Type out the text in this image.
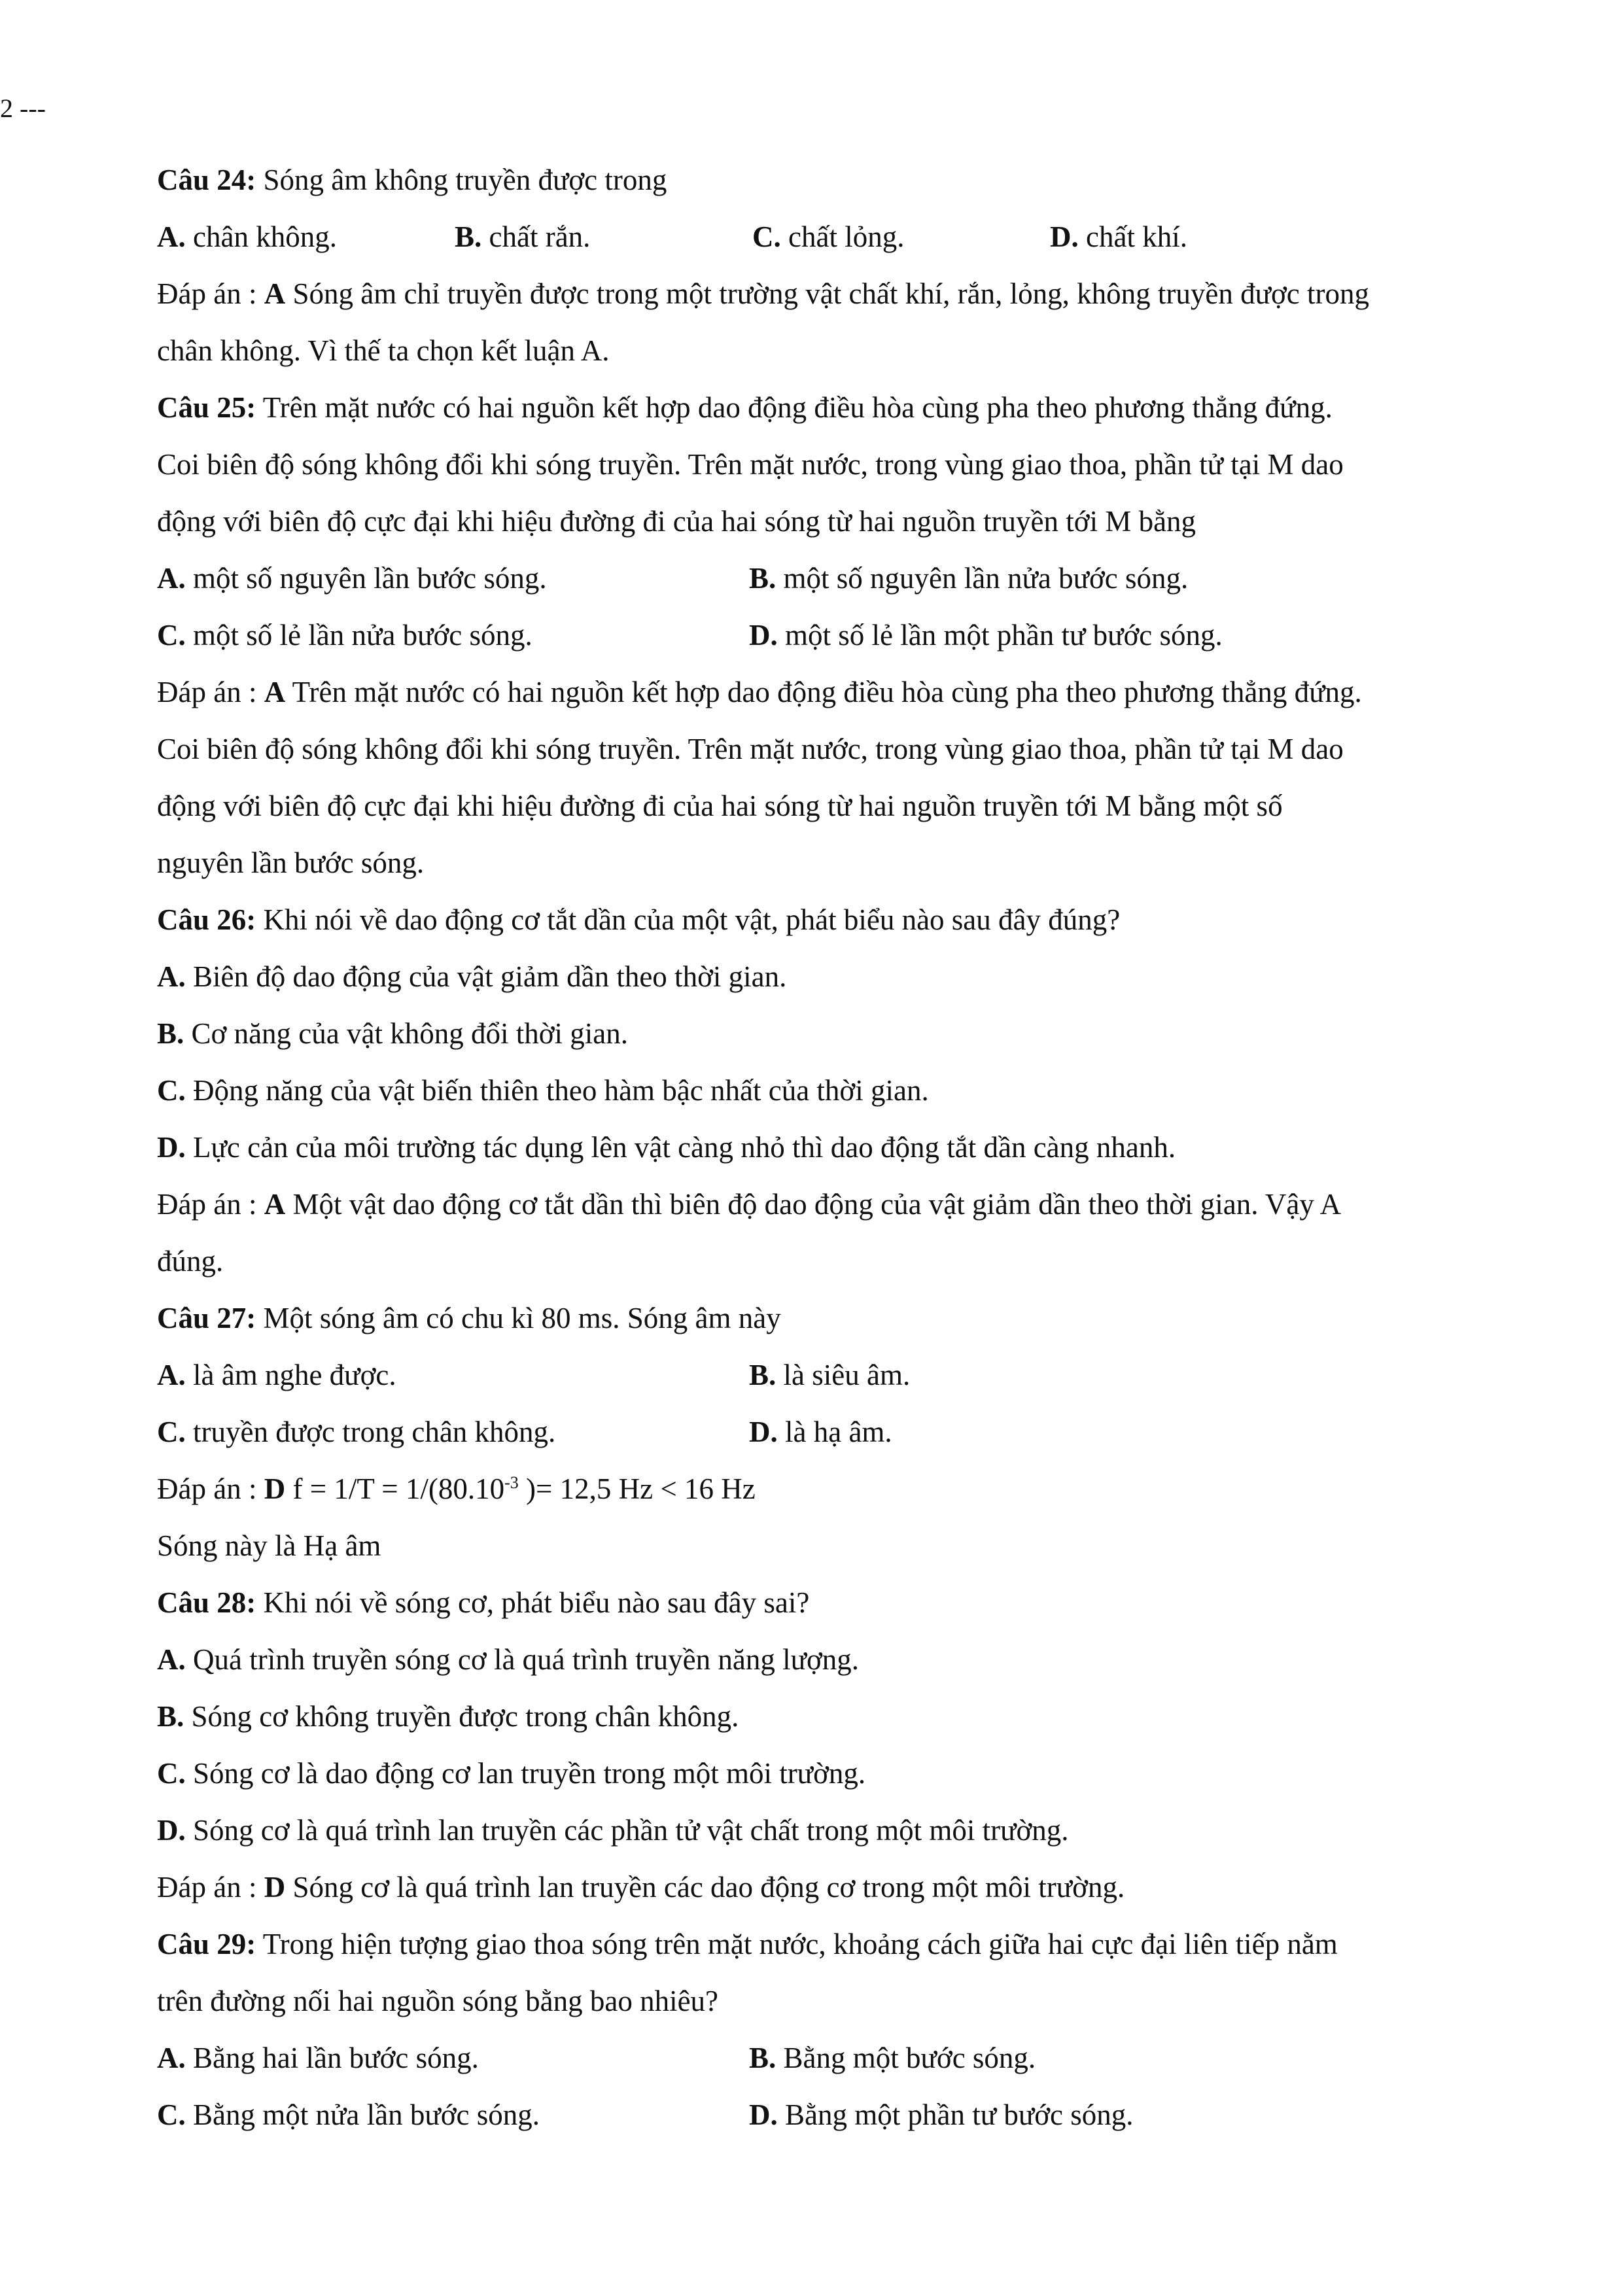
2 ---
Câu 24: Sóng âm không truyền được trong
A. chân không.	B. chất rắn.	C. chất lỏng.	D. chất khí.
Đáp án : A Sóng âm chỉ truyền được trong một trường vật chất khí, rắn, lỏng, không truyền được trong
chân không. Vì thế ta chọn kết luận A.
Câu 25: Trên mặt nước có hai nguồn kết hợp dao động điều hòa cùng pha theo phương thẳng đứng.
Coi biên độ sóng không đổi khi sóng truyền. Trên mặt nước, trong vùng giao thoa, phần tử tại M dao
động với biên độ cực đại khi hiệu đường đi của hai sóng từ hai nguồn truyền tới M bằng
A. một số nguyên lần bước sóng.	B. một số nguyên lần nửa bước sóng.
C. một số lẻ lần nửa bước sóng.	D. một số lẻ lần một phần tư bước sóng.
Đáp án : A Trên mặt nước có hai nguồn kết hợp dao động điều hòa cùng pha theo phương thẳng đứng.
Coi biên độ sóng không đổi khi sóng truyền. Trên mặt nước, trong vùng giao thoa, phần tử tại M dao
động với biên độ cực đại khi hiệu đường đi của hai sóng từ hai nguồn truyền tới M bằng một số
nguyên lần bước sóng.
Câu 26: Khi nói về dao động cơ tắt dần của một vật, phát biểu nào sau đây đúng?
A. Biên độ dao động của vật giảm dần theo thời gian.
B. Cơ năng của vật không đổi thời gian.
C. Động năng của vật biến thiên theo hàm bậc nhất của thời gian.
D. Lực cản của môi trường tác dụng lên vật càng nhỏ thì dao động tắt dần càng nhanh.
Đáp án : A Một vật dao động cơ tắt dần thì biên độ dao động của vật giảm dần theo thời gian. Vậy A
đúng.
Câu 27: Một sóng âm có chu kì 80 ms. Sóng âm này
A. là âm nghe được.	B. là siêu âm.
C. truyền được trong chân không.	D. là hạ âm.
Đáp án : D $f = 1/T = 1/(80.10^{-3}$ )= 12,5 Hz < 16 Hz
Sóng này là Hạ âm
Câu 28: Khi nói về sóng cơ, phát biểu nào sau đây sai?
A. Quá trình truyền sóng cơ là quá trình truyền năng lượng.
B. Sóng cơ không truyền được trong chân không.
C. Sóng cơ là dao động cơ lan truyền trong một môi trường.
D. Sóng cơ là quá trình lan truyền các phần tử vật chất trong một môi trường.
Đáp án : D Sóng cơ là quá trình lan truyền các dao động cơ trong một môi trường.
Câu 29: Trong hiện tượng giao thoa sóng trên mặt nước, khoảng cách giữa hai cực đại liên tiếp nằm
trên đường nối hai nguồn sóng bằng bao nhiêu?
A. Bằng hai lần bước sóng.	B. Bằng một bước sóng.
C. Bằng một nửa lần bước sóng.	D. Bằng một phần tư bước sóng.
